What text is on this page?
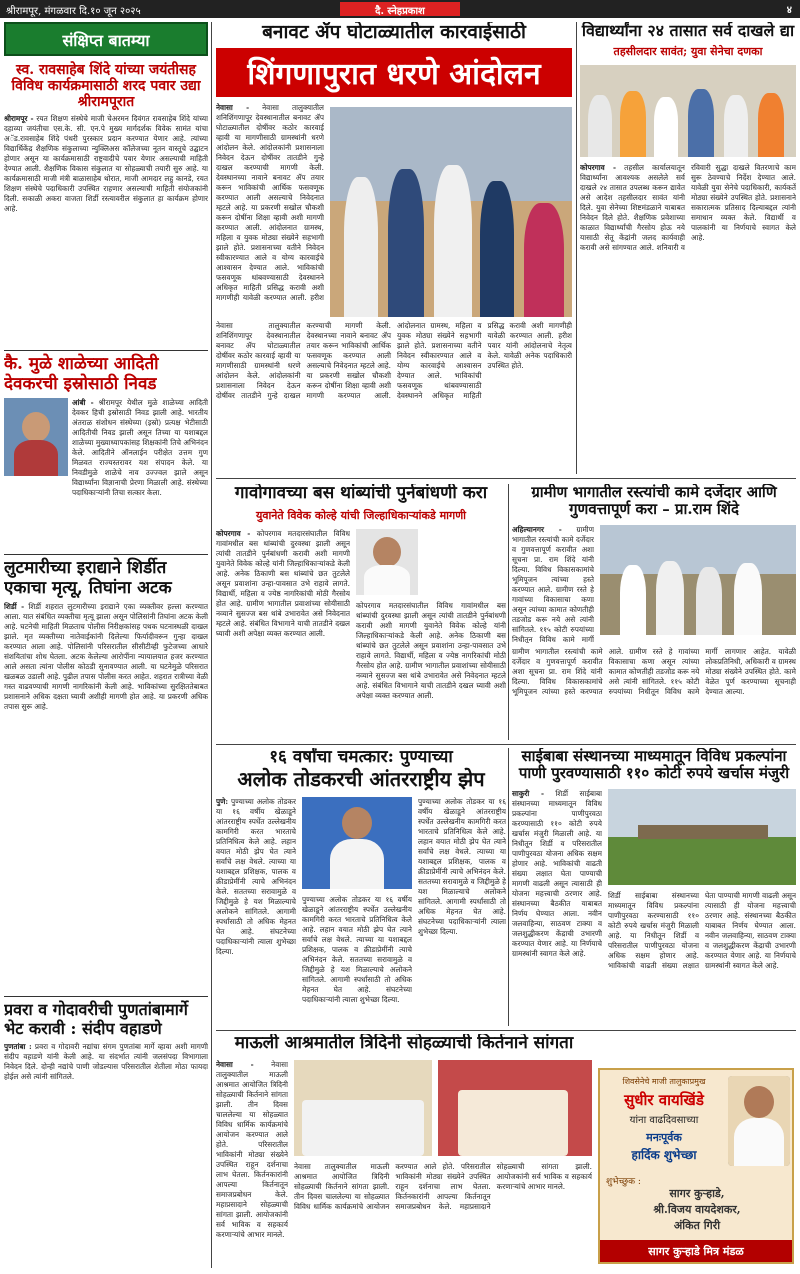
श्रीरामपूर, मंगळवार दि.१० जून २०२५	दै. स्नेहप्रकाश	४
संक्षिप्त बातम्या
स्व. रावसाहेब शिंदे यांच्या जयंतीसह विविध कार्यक्रमासाठी शरद पवार उद्या श्रीरामपूरात
श्रीरामपूर - रयत शिक्षण संस्थेचे माजी चेअरमन दिवंगत रावसाहेब शिंदे यांच्या दहाव्या जयंतीचा एस.के. सी. एन.पे मुख्य मार्गदर्शक विवेक सामंत यांचा अॅड.रावसाहेब शिंदे पंथरी पुरस्कार प्रदान करण्यात येणार आहे. त्यांच्या विद्यार्थिकेंद्र शैक्षणिक संकुलाच्या न्युक्लिअस कॉलेजच्या नूतन वास्तूचे उद्घाटन होणार असून या कार्यक्रमासाठी राष्ट्रवादीचे पवार येणार असल्याची माहिती देण्यात आली. शैक्षणिक विकास संकुलात या सोहळ्याची तयारी सुरु आहे. या कार्यक्रमासाठी माजी मंत्री बाळासाहेब थोरात, माजी आमदार लहु कानडे, रयत शिक्षण संस्थेचे पदाधिकारी उपस्थित राहणार असल्याची माहिती संयोजकांनी दिली. सकाळी अकरा वाजता शिर्डी रस्त्यावरील संकुलात हा कार्यक्रम होणार आहे.
कै. मुळे शाळेच्या आदिती देवकरची इस्रोसाठी निवड
आंबी - श्रीरामपूर येथील मुळे शाळेच्या आदिती देवकर हिची इस्रोसाठी निवड झाली आहे. भारतीय अंतराळ संशोधन संस्थेच्या (इस्रो) प्रत्यक्ष भेटीसाठी आदितीची निवड झाली असून तिच्या या यशाबद्दल शाळेच्या मुख्याध्यापकांसह शिक्षकांनी तिचे अभिनंदन केले. आदितीने ऑनलाईन परीक्षेत उत्तम गुण मिळवत राज्यस्तरावर यश संपादन केले. या निवडीमुळे शाळेचे नाव उज्ज्वल झाले असून विद्यार्थ्यांना विज्ञानाची प्रेरणा मिळाली आहे. संस्थेच्या पदाधिकाऱ्यांनी तिचा सत्कार केला.
लुटमारीच्या इराद्याने शिर्डीत एकाचा मृत्यू, तिघांना अटक
शिर्डी - शिर्डी शहरात लुटमारीच्या इराद्याने एका व्यक्तीवर हल्ला करण्यात आला. यात संबंधित व्यक्तीचा मृत्यू झाला असून पोलिसांनी तिघांना अटक केली आहे. घटनेची माहिती मिळताच पोलीस निरीक्षकांसह पथक घटनास्थळी दाखल झाले. मृत व्यक्तीच्या नातेवाईकांनी दिलेल्या फिर्यादीवरून गुन्हा दाखल करण्यात आला आहे. पोलिसांनी परिसरातील सीसीटीव्ही फुटेजच्या आधारे संशयितांचा शोध घेतला. अटक केलेल्या आरोपींना न्यायालयात हजर करण्यात आले असता त्यांना पोलीस कोठडी सुनावण्यात आली. या घटनेमुळे परिसरात खळबळ उडाली आहे. पुढील तपास पोलीस करत आहेत. शहरात रात्रीच्या वेळी गस्त वाढवण्याची मागणी नागरिकांनी केली आहे. भाविकांच्या सुरक्षिततेबाबत प्रशासनाने अधिक दक्षता घ्यावी अशीही मागणी होत आहे. या प्रकरणी अधिक तपास सुरू आहे.
प्रवरा व गोदावरीची पुणतांबामार्गे भेट करावी : संदीप वहाडणे
पुणतांबा : प्रवरा व गोदावरी नद्यांचा संगम पुणतांबा मार्गे व्हावा अशी मागणी संदीप वहाडणे यांनी केली आहे. या संदर्भात त्यांनी जलसंपदा विभागाला निवेदन दिले. दोन्ही नद्यांचे पाणी जोडल्यास परिसरातील शेतीला मोठा फायदा होईल असे त्यांनी सांगितले.
बनावट ॲप घोटाळ्यातील कारवाईसाठी
शिंगणापुरात धरणे आंदोलन
नेवासा - नेवासा तालुक्यातील शनिशिंगणापूर देवस्थानातील बनावट ॲप घोटाळ्यातील दोषींवर कठोर कारवाई व्हावी या मागणीसाठी ग्रामस्थांनी धरणे आंदोलन केले. आंदोलकांनी प्रशासनाला निवेदन देऊन दोषींवर तातडीने गुन्हे दाखल करण्याची मागणी केली. देवस्थानच्या नावाने बनावट ॲप तयार करून भाविकांची आर्थिक फसवणूक करण्यात आली असल्याचे निवेदनात म्हटले आहे. या प्रकरणी सखोल चौकशी करून दोषींना शिक्षा व्हावी अशी मागणी करण्यात आली. आंदोलनात ग्रामस्थ, महिला व युवक मोठ्या संख्येने सहभागी झाले होते. प्रशासनाच्या वतीने निवेदन स्वीकारण्यात आले व योग्य कारवाईचे आश्वासन देण्यात आले. भाविकांची फसवणूक थांबवण्यासाठी देवस्थानने अधिकृत माहिती प्रसिद्ध करावी अशी मागणीही यावेळी करण्यात आली. हरीश
नेवासा तालुक्यातील शनिशिंगणापूर देवस्थानातील बनावट ॲप घोटाळ्यातील दोषींवर कठोर कारवाई व्हावी या मागणीसाठी ग्रामस्थांनी धरणे आंदोलन केले. आंदोलकांनी प्रशासनाला निवेदन देऊन दोषींवर तातडीने गुन्हे दाखल करण्याची मागणी केली. देवस्थानच्या नावाने बनावट ॲप तयार करून भाविकांची आर्थिक फसवणूक करण्यात आली असल्याचे निवेदनात म्हटले आहे. या प्रकरणी सखोल चौकशी करून दोषींना शिक्षा व्हावी अशी मागणी करण्यात आली. आंदोलनात ग्रामस्थ, महिला व युवक मोठ्या संख्येने सहभागी झाले होते. प्रशासनाच्या वतीने निवेदन स्वीकारण्यात आले व योग्य कारवाईचे आश्वासन देण्यात आले. भाविकांची फसवणूक थांबवण्यासाठी देवस्थानने अधिकृत माहिती प्रसिद्ध करावी अशी मागणीही यावेळी करण्यात आली. हरीश पवार यांनी आंदोलनाचे नेतृत्व केले. यावेळी अनेक पदाधिकारी उपस्थित होते.
विद्यार्थ्यांना २४ तासात सर्व दाखले द्या
तहसीलदार सावंत; युवा सेनेचा दणका
कोपरगाव - तहसील कार्यालयातून विद्यार्थ्यांना आवश्यक असलेले सर्व दाखले २४ तासात उपलब्ध करून द्यावेत असे आदेश तहसीलदार सावंत यांनी दिले. युवा सेनेच्या शिष्टमंडळाने याबाबत निवेदन दिले होते. शैक्षणिक प्रवेशाच्या काळात विद्यार्थ्यांची गैरसोय होऊ नये यासाठी सेतू केंद्रांनी जलद कार्यवाही करावी असे सांगण्यात आले. शनिवारी व रविवारी सुद्धा दाखले वितरणाचे काम सुरू ठेवण्याचे निर्देश देण्यात आले. यावेळी युवा सेनेचे पदाधिकारी, कार्यकर्ते मोठ्या संख्येने उपस्थित होते. प्रशासनाने सकारात्मक प्रतिसाद दिल्याबद्दल त्यांनी समाधान व्यक्त केले. विद्यार्थी व पालकांनी या निर्णयाचे स्वागत केले आहे.
गावोगावच्या बस थांब्यांची पुर्नबांधणी करा
युवानेते विवेक कोल्हे यांची जिल्हाधिकाऱ्यांकडे मागणी
कोपरगाव - कोपरगाव मतदारसंघातील विविध गावांमधील बस थांब्यांची दुरवस्था झाली असून त्यांची तातडीने पुर्नबांधणी करावी अशी मागणी युवानेते विवेक कोल्हे यांनी जिल्हाधिकाऱ्यांकडे केली आहे. अनेक ठिकाणी बस थांब्यांचे छत तुटलेले असून प्रवाशांना उन्हा-पावसात उभे राहावे लागते. विद्यार्थी, महिला व ज्येष्ठ नागरिकांची मोठी गैरसोय होत आहे. ग्रामीण भागातील प्रवाशांच्या सोयीसाठी नव्याने सुसज्ज बस थांबे उभारावेत असे निवेदनात म्हटले आहे. संबंधित विभागाने याची तातडीने दखल घ्यावी अशी अपेक्षा व्यक्त करण्यात आली.
कोपरगाव मतदारसंघातील विविध गावांमधील बस थांब्यांची दुरवस्था झाली असून त्यांची तातडीने पुर्नबांधणी करावी अशी मागणी युवानेते विवेक कोल्हे यांनी जिल्हाधिकाऱ्यांकडे केली आहे. अनेक ठिकाणी बस थांब्यांचे छत तुटलेले असून प्रवाशांना उन्हा-पावसात उभे राहावे लागते. विद्यार्थी, महिला व ज्येष्ठ नागरिकांची मोठी गैरसोय होत आहे. ग्रामीण भागातील प्रवाशांच्या सोयीसाठी नव्याने सुसज्ज बस थांबे उभारावेत असे निवेदनात म्हटले आहे. संबंधित विभागाने याची तातडीने दखल घ्यावी अशी अपेक्षा व्यक्त करण्यात आली.
ग्रामीण भागातील रस्त्यांची कामे दर्जेदार आणि गुणवत्तापूर्ण करा – प्रा.राम शिंदे
अहिल्यानगर - ग्रामीण भागातील रस्त्यांची कामे दर्जेदार व गुणवत्तापूर्ण करावीत अशा सूचना प्रा. राम शिंदे यांनी दिल्या. विविध विकासकामांचे भूमिपूजन त्यांच्या हस्ते करण्यात आले. ग्रामीण रस्ते हे गावांच्या विकासाचा कणा असून त्यांच्या कामात कोणतीही तडजोड करू नये असे त्यांनी सांगितले. ११५ कोटी रुपयांच्या निधीतून विविध कामे मार्गी
ग्रामीण भागातील रस्त्यांची कामे दर्जेदार व गुणवत्तापूर्ण करावीत अशा सूचना प्रा. राम शिंदे यांनी दिल्या. विविध विकासकामांचे भूमिपूजन त्यांच्या हस्ते करण्यात आले. ग्रामीण रस्ते हे गावांच्या विकासाचा कणा असून त्यांच्या कामात कोणतीही तडजोड करू नये असे त्यांनी सांगितले. ११५ कोटी रुपयांच्या निधीतून विविध कामे मार्गी लागणार आहेत. यावेळी लोकप्रतिनिधी, अधिकारी व ग्रामस्थ मोठ्या संख्येने उपस्थित होते. कामे वेळेत पूर्ण करण्याच्या सूचनाही देण्यात आल्या.
१६ वर्षांचा चमत्कार: पुण्याच्या
अलोक तोडकरची आंतरराष्ट्रीय झेप
पुणे: पुण्याच्या अलोक तोडकर या १६ वर्षीय खेळाडूने आंतरराष्ट्रीय स्पर्धेत उल्लेखनीय कामगिरी करत भारताचे प्रतिनिधित्व केले आहे. लहान वयात मोठी झेप घेत त्याने सर्वांचे लक्ष वेधले. त्याच्या या यशाबद्दल प्रशिक्षक, पालक व क्रीडाप्रेमींनी त्याचे अभिनंदन केले. सततच्या सरावामुळे व जिद्दीमुळे हे यश मिळाल्याचे अलोकने सांगितले. आगामी स्पर्धांसाठी तो अधिक मेहनत घेत आहे. संघटनेच्या पदाधिकाऱ्यांनी त्याला शुभेच्छा दिल्या.
पुण्याच्या अलोक तोडकर या १६ वर्षीय खेळाडूने आंतरराष्ट्रीय स्पर्धेत उल्लेखनीय कामगिरी करत भारताचे प्रतिनिधित्व केले आहे. लहान वयात मोठी झेप घेत त्याने सर्वांचे लक्ष वेधले. त्याच्या या यशाबद्दल प्रशिक्षक, पालक व क्रीडाप्रेमींनी त्याचे अभिनंदन केले. सततच्या सरावामुळे व जिद्दीमुळे हे यश मिळाल्याचे अलोकने सांगितले. आगामी स्पर्धांसाठी तो अधिक मेहनत घेत आहे. संघटनेच्या पदाधिकाऱ्यांनी त्याला शुभेच्छा दिल्या.
पुण्याच्या अलोक तोडकर या १६ वर्षीय खेळाडूने आंतरराष्ट्रीय स्पर्धेत उल्लेखनीय कामगिरी करत भारताचे प्रतिनिधित्व केले आहे. लहान वयात मोठी झेप घेत त्याने सर्वांचे लक्ष वेधले. त्याच्या या यशाबद्दल प्रशिक्षक, पालक व क्रीडाप्रेमींनी त्याचे अभिनंदन केले. सततच्या सरावामुळे व जिद्दीमुळे हे यश मिळाल्याचे अलोकने सांगितले. आगामी स्पर्धांसाठी तो अधिक मेहनत घेत आहे. संघटनेच्या पदाधिकाऱ्यांनी त्याला शुभेच्छा दिल्या.
साईबाबा संस्थानच्या माध्यमातून विविध प्रकल्पांना पाणी पुरवण्यासाठी ११० कोटी रुपये खर्चास मंजुरी
साकुरी - शिर्डी साईबाबा संस्थानच्या माध्यमातून विविध प्रकल्पांना पाणीपुरवठा करण्यासाठी ११० कोटी रुपये खर्चास मंजुरी मिळाली आहे. या निधीतून शिर्डी व परिसरातील पाणीपुरवठा योजना अधिक सक्षम होणार आहे. भाविकांची वाढती संख्या लक्षात घेता पाण्याची मागणी वाढली असून त्यासाठी ही योजना महत्त्वाची ठरणार आहे. संस्थानच्या बैठकीत याबाबत निर्णय घेण्यात आला. नवीन जलवाहिन्या, साठवण टाक्या व जलशुद्धीकरण केंद्राची उभारणी करण्यात येणार आहे. या निर्णयाचे ग्रामस्थांनी स्वागत केले आहे.
शिर्डी साईबाबा संस्थानच्या माध्यमातून विविध प्रकल्पांना पाणीपुरवठा करण्यासाठी ११० कोटी रुपये खर्चास मंजुरी मिळाली आहे. या निधीतून शिर्डी व परिसरातील पाणीपुरवठा योजना अधिक सक्षम होणार आहे. भाविकांची वाढती संख्या लक्षात घेता पाण्याची मागणी वाढली असून त्यासाठी ही योजना महत्त्वाची ठरणार आहे. संस्थानच्या बैठकीत याबाबत निर्णय घेण्यात आला. नवीन जलवाहिन्या, साठवण टाक्या व जलशुद्धीकरण केंद्राची उभारणी करण्यात येणार आहे. या निर्णयाचे ग्रामस्थांनी स्वागत केले आहे.
माऊली आश्रमातील त्रिदिनी सोहळ्याची किर्तनाने सांगता
नेवासा - नेवासा तालुक्यातील माऊली आश्रमात आयोजित त्रिदिनी सोहळ्याची किर्तनाने सांगता झाली. तीन दिवस चाललेल्या या सोहळ्यात विविध धार्मिक कार्यक्रमांचे आयोजन करण्यात आले होते. परिसरातील भाविकांनी मोठ्या संख्येने उपस्थित राहून दर्शनाचा लाभ घेतला. किर्तनकारांनी आपल्या किर्तनातून समाजप्रबोधन केले. महाप्रसादाने सोहळ्याची सांगता झाली. आयोजकांनी सर्व भाविक व सहकार्य करणाऱ्यांचे आभार मानले.
नेवासा तालुक्यातील माऊली आश्रमात आयोजित त्रिदिनी सोहळ्याची किर्तनाने सांगता झाली. तीन दिवस चाललेल्या या सोहळ्यात विविध धार्मिक कार्यक्रमांचे आयोजन करण्यात आले होते. परिसरातील भाविकांनी मोठ्या संख्येने उपस्थित राहून दर्शनाचा लाभ घेतला. किर्तनकारांनी आपल्या किर्तनातून समाजप्रबोधन केले. महाप्रसादाने सोहळ्याची सांगता झाली. आयोजकांनी सर्व भाविक व सहकार्य करणाऱ्यांचे आभार मानले.
शिवसेनेचे माजी तालुकाप्रमुख
सुधीर वायखिंडे
यांना वाढदिवसाच्या
मनःपूर्वक
हार्दिक शुभेच्छा
शुभेच्छुक :
सागर कुऱ्हाडे,
श्री.विजय वायदेशकर,
अंकित गिरी
सागर कुऱ्हाडे मित्र मंडळ
